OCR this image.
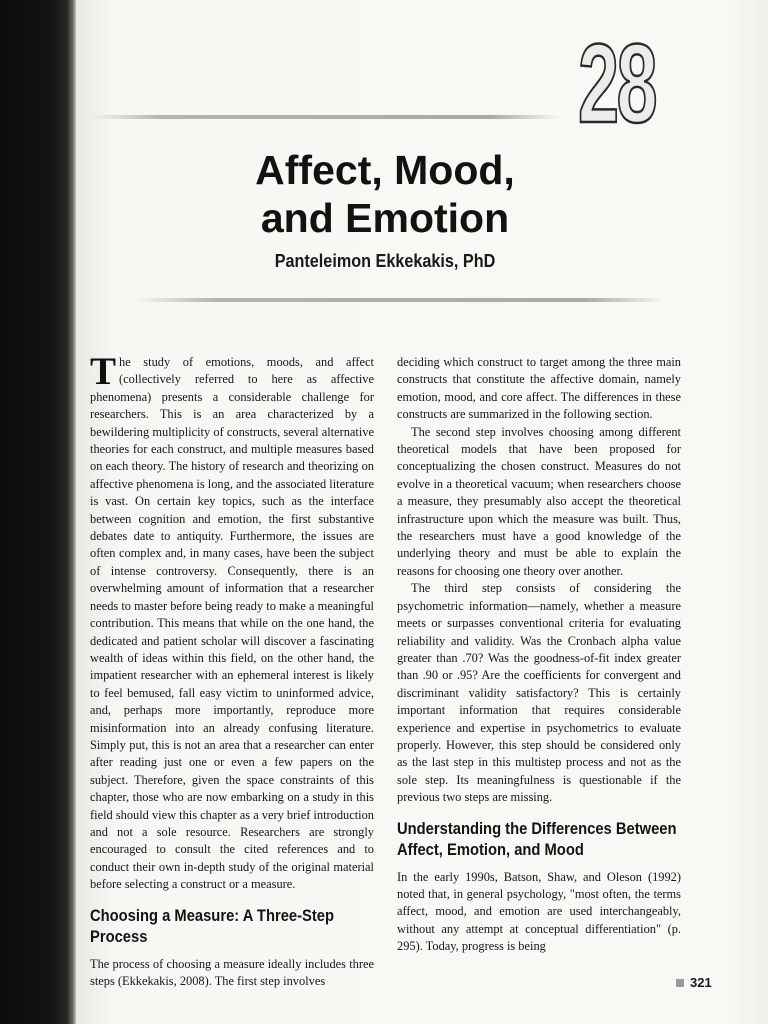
28
Affect, Mood,
and Emotion
Panteleimon Ekkekakis, PhD

The study of emotions, moods, and affect (collectively referred to here as affective phenomena) presents a considerable challenge for researchers. This is an area characterized by a bewildering multiplicity of constructs, several alternative theories for each construct, and multiple measures based on each theory. The history of research and theorizing on affective phenomena is long, and the associated literature is vast. On certain key topics, such as the interface between cognition and emotion, the first substantive debates date to antiquity. Furthermore, the issues are often complex and, in many cases, have been the subject of intense controversy. Consequently, there is an overwhelming amount of information that a researcher needs to master before being ready to make a meaningful contribution. This means that while on the one hand, the dedicated and patient scholar will discover a fascinating wealth of ideas within this field, on the other hand, the impatient researcher with an ephemeral interest is likely to feel bemused, fall easy victim to uninformed advice, and, perhaps more importantly, reproduce more misinformation into an already confusing literature. Simply put, this is not an area that a researcher can enter after reading just one or even a few papers on the subject. Therefore, given the space constraints of this chapter, those who are now embarking on a study in this field should view this chapter as a very brief introduction and not a sole resource. Researchers are strongly encouraged to consult the cited references and to conduct their own in-depth study of the original material before selecting a construct or a measure.

Choosing a Measure: A Three-Step Process

The process of choosing a measure ideally includes three steps (Ekkekakis, 2008). The first step involves

deciding which construct to target among the three main constructs that constitute the affective domain, namely emotion, mood, and core affect. The differences in these constructs are summarized in the following section.

The second step involves choosing among different theoretical models that have been proposed for conceptualizing the chosen construct. Measures do not evolve in a theoretical vacuum; when researchers choose a measure, they presumably also accept the theoretical infrastructure upon which the measure was built. Thus, the researchers must have a good knowledge of the underlying theory and must be able to explain the reasons for choosing one theory over another.

The third step consists of considering the psychometric information—namely, whether a measure meets or surpasses conventional criteria for evaluating reliability and validity. Was the Cronbach alpha value greater than .70? Was the goodness-of-fit index greater than .90 or .95? Are the coefficients for convergent and discriminant validity satisfactory? This is certainly important information that requires considerable experience and expertise in psychometrics to evaluate properly. However, this step should be considered only as the last step in this multistep process and not as the sole step. Its meaningfulness is questionable if the previous two steps are missing.

Understanding the Differences Between Affect, Emotion, and Mood

In the early 1990s, Batson, Shaw, and Oleson (1992) noted that, in general psychology, "most often, the terms affect, mood, and emotion are used interchangeably, without any attempt at conceptual differentiation" (p. 295). Today, progress is being

321
